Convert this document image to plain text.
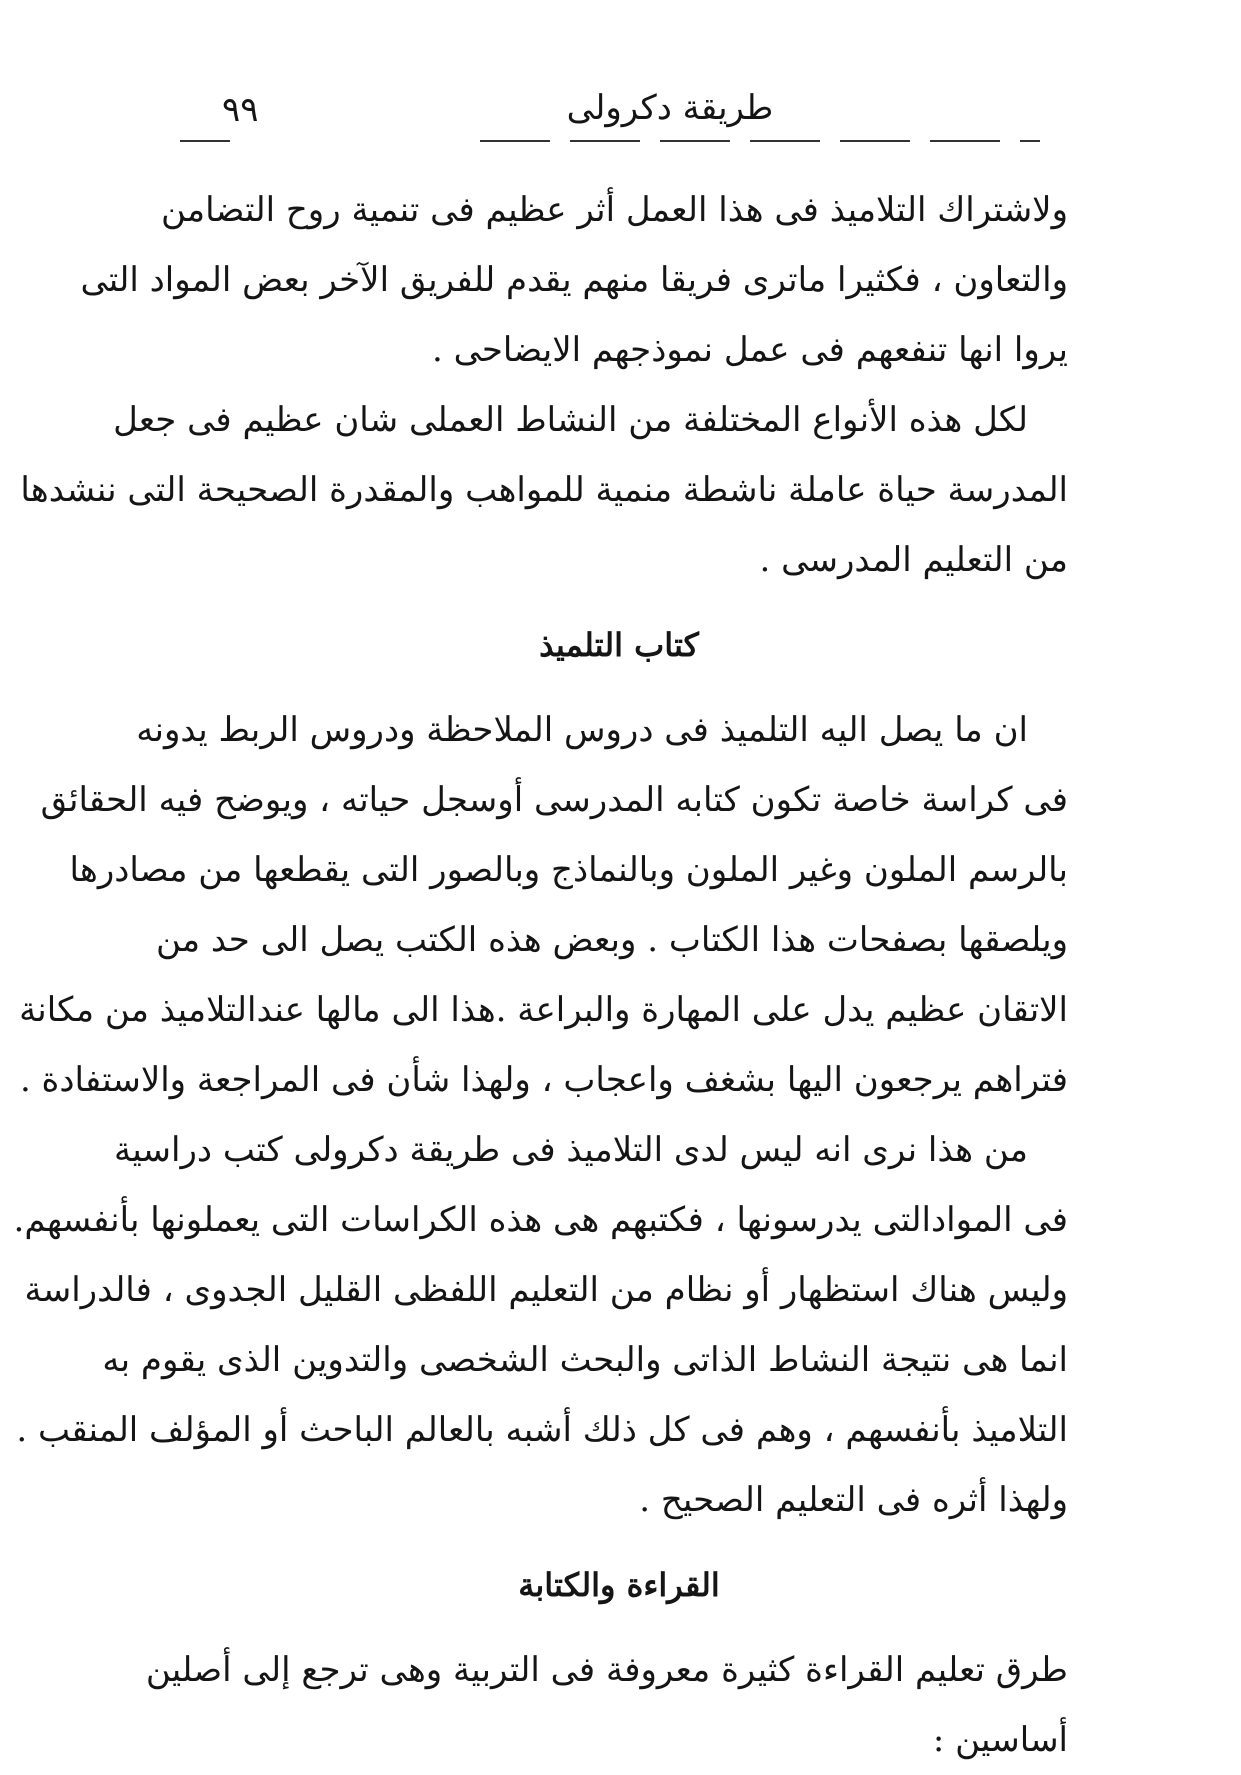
٩٩	طريقة دكرولى
ولاشتراك التلاميذ فى هذا العمل أثر عظيم فى تنمية روح التضامن
والتعاون ، فكثيرا ماترى فريقا منهم يقدم للفريق الآخر بعض المواد التى
يروا انها تنفعهم فى عمل نموذجهم الايضاحى .
لكل هذه الأنواع المختلفة من النشاط العملى شان عظيم فى جعل
المدرسة حياة عاملة ناشطة منمية للمواهب والمقدرة الصحيحة التى ننشدها
من التعليم المدرسى .
كتاب التلميذ
ان ما يصل اليه التلميذ فى دروس الملاحظة ودروس الربط يدونه
فى كراسة خاصة تكون كتابه المدرسى أوسجل حياته ، ويوضح فيه الحقائق
بالرسم الملون وغير الملون وبالنماذج وبالصور التى يقطعها من مصادرها
ويلصقها بصفحات هذا الكتاب . وبعض هذه الكتب يصل الى حد من
الاتقان عظيم يدل على المهارة والبراعة .هذا الى مالها عندالتلاميذ من مكانة
فتراهم يرجعون اليها بشغف واعجاب ، ولهذا شأن فى المراجعة والاستفادة .
من هذا نرى انه ليس لدى التلاميذ فى طريقة دكرولى كتب دراسية
فى الموادالتى يدرسونها ، فكتبهم هى هذه الكراسات التى يعملونها بأنفسهم.
وليس هناك استظهار أو نظام من التعليم اللفظى القليل الجدوى ، فالدراسة
انما هى نتيجة النشاط الذاتى والبحث الشخصى والتدوين الذى يقوم به
التلاميذ بأنفسهم ، وهم فى كل ذلك أشبه بالعالم الباحث أو المؤلف المنقب .
ولهذا أثره فى التعليم الصحيح .
القراءة والكتابة
طرق تعليم القراءة كثيرة معروفة فى التربية وهى ترجع إلى أصلين
أساسين :
